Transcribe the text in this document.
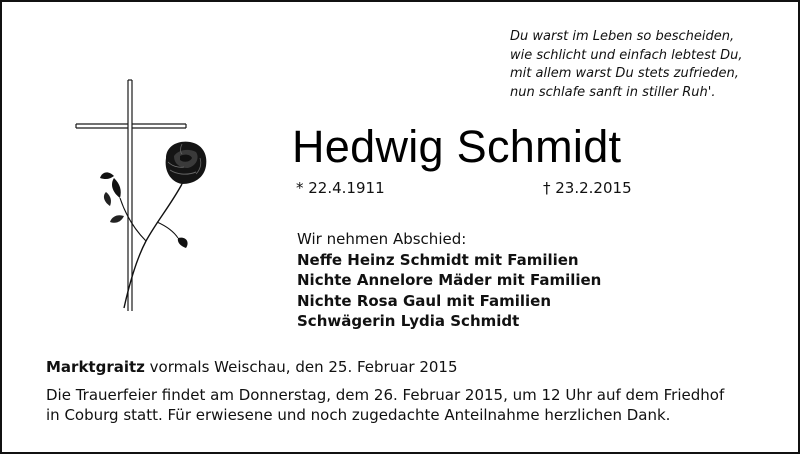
Du warst im Leben so bescheiden,
wie schlicht und einfach lebtest Du,
mit allem warst Du stets zufrieden,
nun schlafe sanft in stiller Ruh'.
Hedwig Schmidt
* 22.4.1911	† 23.2.2015
Wir nehmen Abschied:
Neffe Heinz Schmidt mit Familien
Nichte Annelore Mäder mit Familien
Nichte Rosa Gaul mit Familien
Schwägerin Lydia Schmidt
Marktgraitz vormals Weischau, den 25. Februar 2015
Die Trauerfeier findet am Donnerstag, dem 26. Februar 2015, um 12 Uhr auf dem Friedhof
in Coburg statt. Für erwiesene und noch zugedachte Anteilnahme herzlichen Dank.
